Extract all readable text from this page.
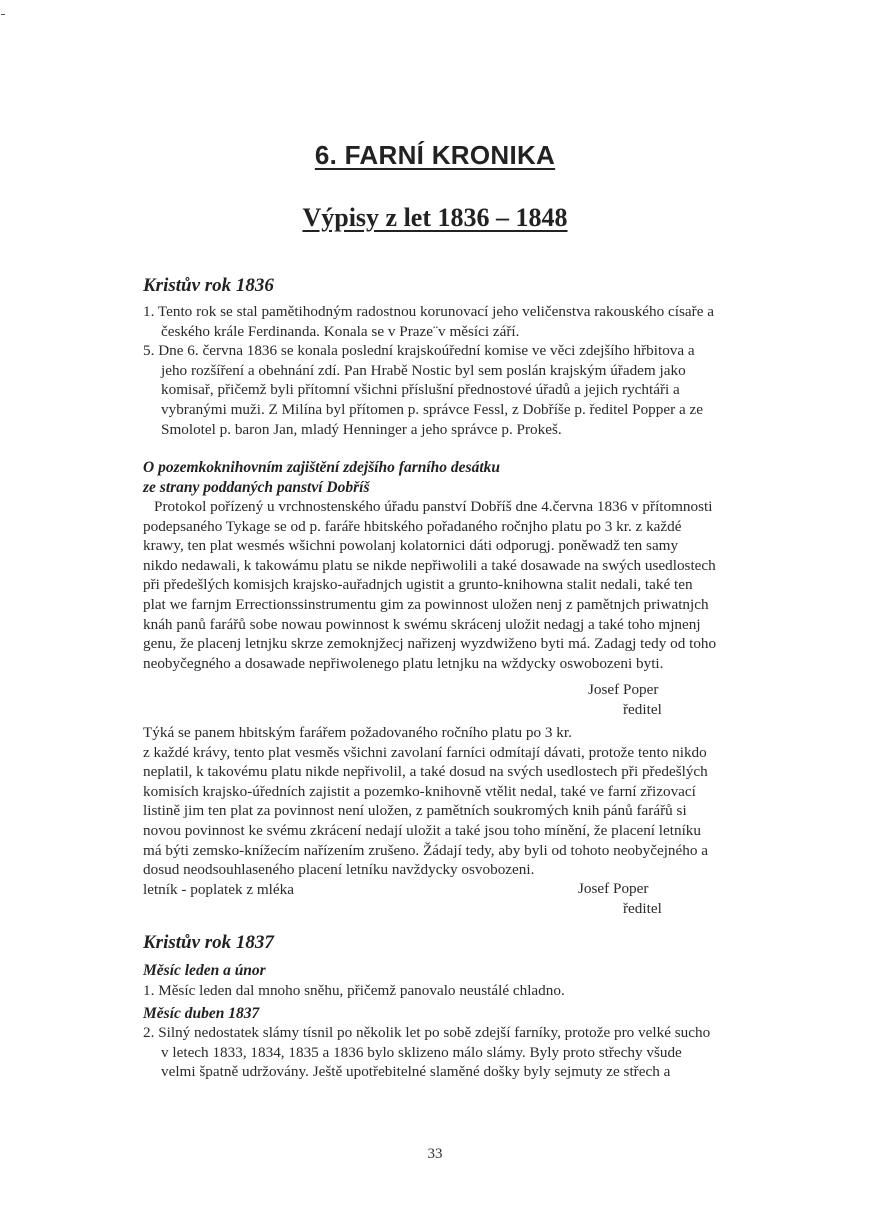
6. FARNÍ KRONIKA
Výpisy z let 1836 – 1848
Kristův rok 1836
1. Tento rok se stal pamětihodným radostnou korunovací jeho veličenstva rakouského císaře a
českého krále Ferdinanda. Konala se v Praze¨v měsíci září.
5. Dne 6. června 1836 se konala poslední krajskoúřední komise ve věci zdejšího hřbitova a
jeho rozšíření a obehnání zdí. Pan Hrabě Nostic byl sem poslán krajským úřadem jako
komisař, přičemž byli přítomní všichni příslušní přednostové úřadů a jejich rychtáři a
vybranými muži. Z Milína byl přítomen p. správce Fessl, z Dobříše p. ředitel Popper a ze
Smolotel p. baron Jan, mladý Henninger a jeho správce p. Prokeš.
O pozemkoknihovním zajištění zdejšího farního desátku
ze strany poddaných panství Dobříš
Protokol pořízený u vrchnostenského úřadu panství Dobříš dne 4.června 1836 v přítomnosti
podepsaného Tykage se od p. faráře hbitského pořadaného ročnjho platu po 3 kr. z každé
krawy, ten plat wesmés wšichni powolanj kolatornici dáti odporugj. poněwadž ten samy
nikdo nedawali, k takowámu platu se nikde nepřiwolili a také dosawade na swých usedlostech
při předešlých komisjch krajsko-auřadnjch ugistit a grunto-knihowna stalit nedali, také ten
plat we farnjm Errectionssinstrumentu gim za powinnost uložen nenj z pamětnjch priwatnjch
knáh panů farářů sobe nowau powinnost k swému skrácenj uložit nedagj a také toho mjnenj
genu, že placenj letnjku skrze zemoknjžecj nařizenj wyzdwiženo byti má. Zadagj tedy od toho
neobyčegného a dosawade nepřiwolenego platu letnjku na wždycky oswobozeni byti.
Josef Poper
ředitel
Týká se panem hbitským farářem požadovaného ročního platu po 3 kr.
z každé krávy, tento plat vesměs všichni zavolaní farníci odmítají dávati, protože tento nikdo
neplatil, k takovému platu nikde nepřivolil, a také dosud na svých usedlostech při předešlých
komisích krajsko-úředních zajistit a pozemko-knihovně vtělit nedal, také ve farní zřizovací
listině jim ten plat za povinnost není uložen, z pamětních soukromých knih pánů farářů si
novou povinnost ke svému zkrácení nedají uložit a také jsou toho mínění, že placení letníku
má býti zemsko-knížecím nařízením zrušeno. Žádají tedy, aby byli od tohoto neobyčejného a
dosud neodsouhlaseného placení letníku navždycky osvobozeni.
letník - poplatek z mléka	Josef Poper
ředitel
Kristův rok 1837
Měsíc leden a únor
1. Měsíc leden dal mnoho sněhu, přičemž panovalo neustálé chladno.
Měsíc duben 1837
2. Silný nedostatek slámy tísnil po několik let po sobě zdejší farníky, protože pro velké sucho
v letech 1833, 1834, 1835 a 1836 bylo sklizeno málo slámy. Byly proto střechy všude
velmi špatně udržovány. Ještě upotřebitelné slaměné došky byly sejmuty ze střech a
33
